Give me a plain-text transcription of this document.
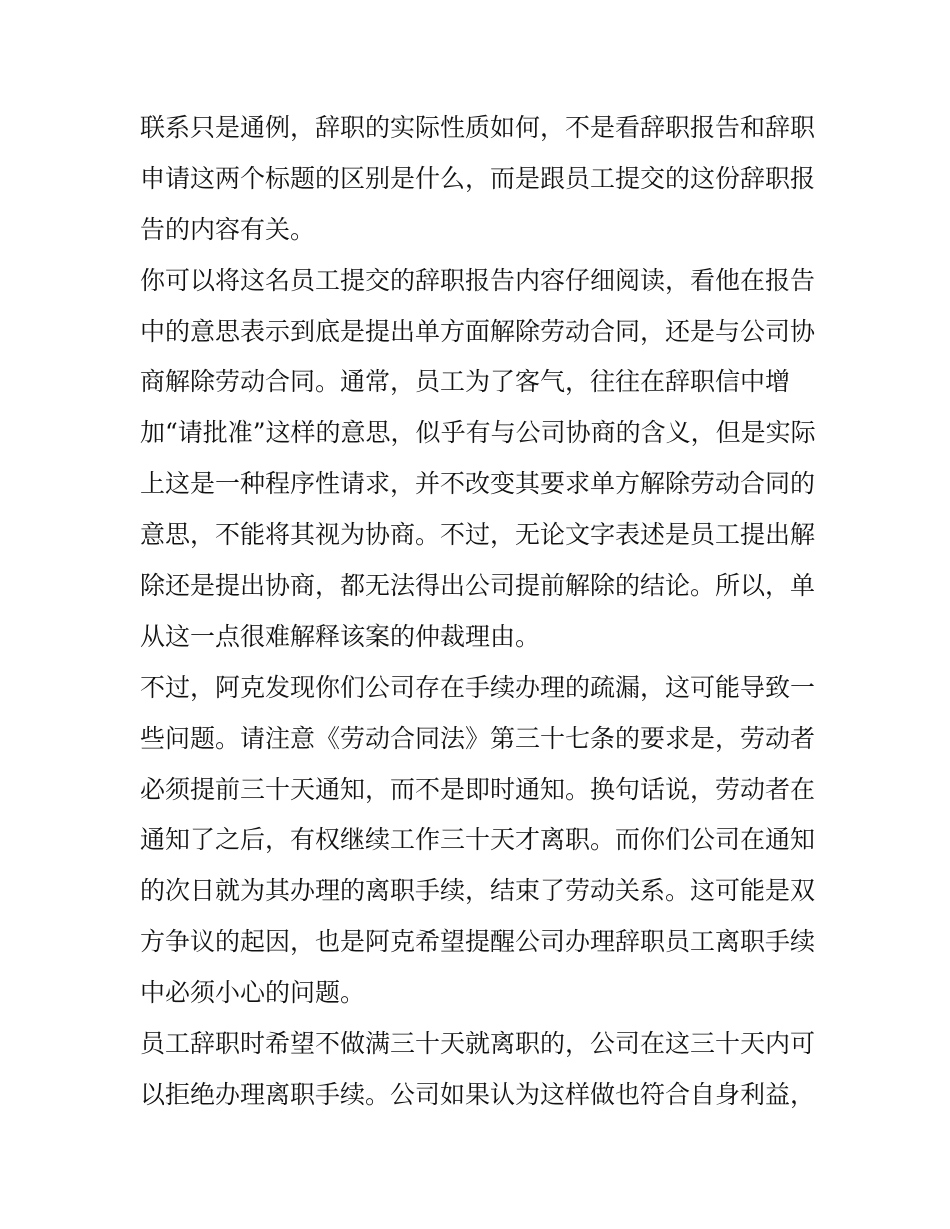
联系只是通例，辞职的实际性质如何，不是看辞职报告和辞职
申请这两个标题的区别是什么，而是跟员工提交的这份辞职报
告的内容有关。
你可以将这名员工提交的辞职报告内容仔细阅读，看他在报告
中的意思表示到底是提出单方面解除劳动合同，还是与公司协
商解除劳动合同。通常，员工为了客气，往往在辞职信中增
加“请批准”这样的意思，似乎有与公司协商的含义，但是实际
上这是一种程序性请求，并不改变其要求单方解除劳动合同的
意思，不能将其视为协商。不过，无论文字表述是员工提出解
除还是提出协商，都无法得出公司提前解除的结论。所以，单
从这一点很难解释该案的仲裁理由。
不过，阿克发现你们公司存在手续办理的疏漏，这可能导致一
些问题。请注意《劳动合同法》第三十七条的要求是，劳动者
必须提前三十天通知，而不是即时通知。换句话说，劳动者在
通知了之后，有权继续工作三十天才离职。而你们公司在通知
的次日就为其办理的离职手续，结束了劳动关系。这可能是双
方争议的起因，也是阿克希望提醒公司办理辞职员工离职手续
中必须小心的问题。
员工辞职时希望不做满三十天就离职的，公司在这三十天内可
以拒绝办理离职手续。公司如果认为这样做也符合自身利益，
